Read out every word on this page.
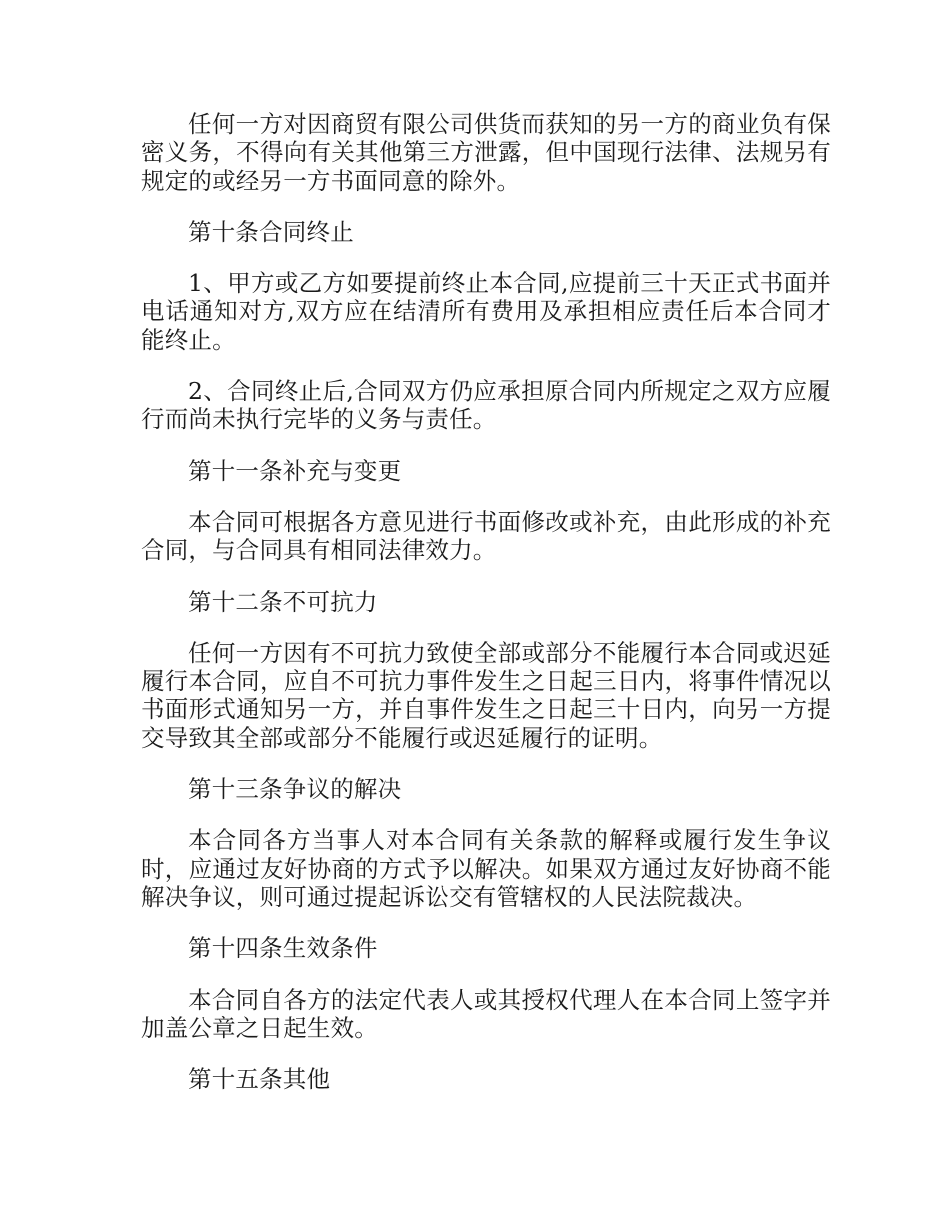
任何一方对因商贸有限公司供货而获知的另一方的商业负有保密义务，不得向有关其他第三方泄露，但中国现行法律、法规另有规定的或经另一方书面同意的除外。

第十条合同终止

1、甲方或乙方如要提前终止本合同,应提前三十天正式书面并电话通知对方,双方应在结清所有费用及承担相应责任后本合同才能终止。

2、合同终止后,合同双方仍应承担原合同内所规定之双方应履行而尚未执行完毕的义务与责任。

第十一条补充与变更

本合同可根据各方意见进行书面修改或补充，由此形成的补充合同，与合同具有相同法律效力。

第十二条不可抗力

任何一方因有不可抗力致使全部或部分不能履行本合同或迟延履行本合同，应自不可抗力事件发生之日起三日内，将事件情况以书面形式通知另一方，并自事件发生之日起三十日内，向另一方提交导致其全部或部分不能履行或迟延履行的证明。

第十三条争议的解决

本合同各方当事人对本合同有关条款的解释或履行发生争议时，应通过友好协商的方式予以解决。如果双方通过友好协商不能解决争议，则可通过提起诉讼交有管辖权的人民法院裁决。

第十四条生效条件

本合同自各方的法定代表人或其授权代理人在本合同上签字并加盖公章之日起生效。

第十五条其他
